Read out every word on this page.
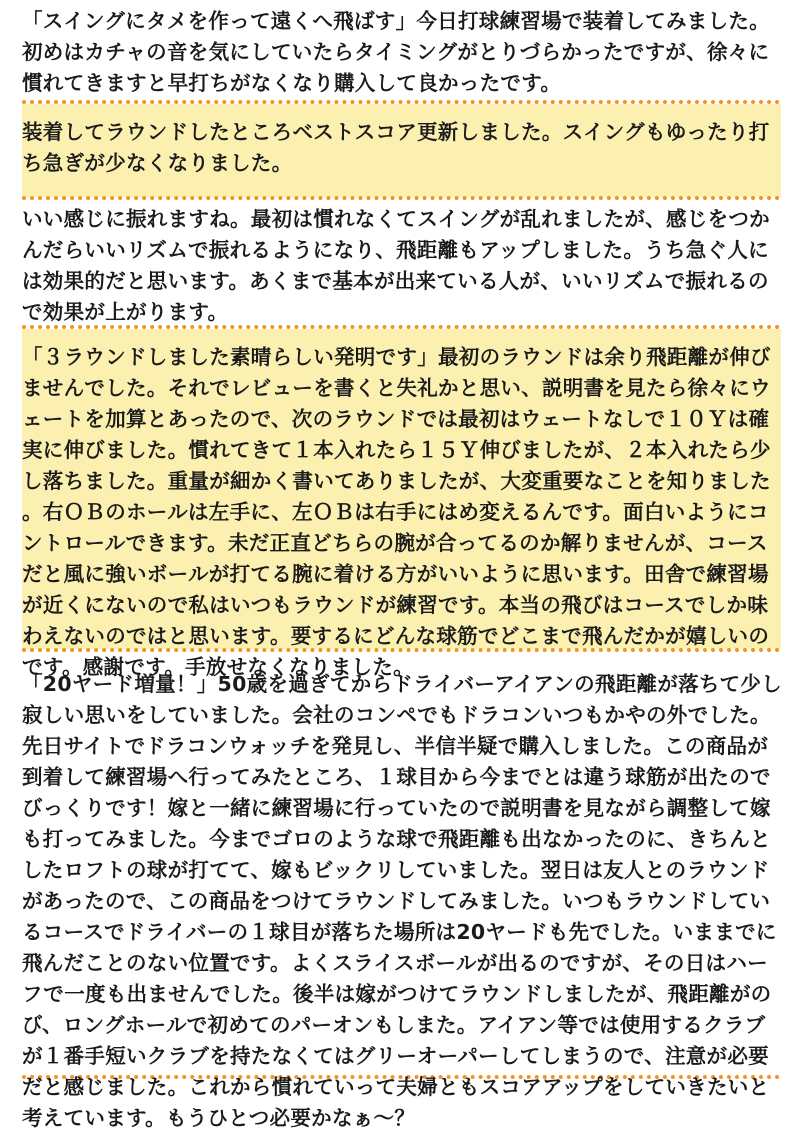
「スイングにタメを作って遠くへ飛ばす」今日打球練習場で装着してみました。初めはカチャの音を気にしていたらタイミングがとりづらかったですが、徐々に慣れてきますと早打ちがなくなり購入して良かったです。

装着してラウンドしたところベストスコア更新しました。スイングもゆったり打ち急ぎが少なくなりました。

いい感じに振れますね。最初は慣れなくてスイングが乱れましたが、感じをつかんだらいいリズムで振れるようになり、飛距離もアップしました。うち急ぐ人には効果的だと思います。あくまで基本が出来ている人が、いいリズムで振れるので効果が上がります。

「３ラウンドしました素晴らしい発明です」最初のラウンドは余り飛距離が伸びませんでした。それでレビューを書くと失礼かと思い、説明書を見たら徐々にウェートを加算とあったので、次のラウンドでは最初はウェートなしで１０Ｙは確実に伸びました。慣れてきて１本入れたら１５Ｙ伸びましたが、２本入れたら少し落ちました。重量が細かく書いてありましたが、大変重要なことを知りました。右ＯＢのホールは左手に、左ＯＢは右手にはめ変えるんです。面白いようにコントロールできます。未だ正直どちらの腕が合ってるのか解りませんが、コースだと風に強いボールが打てる腕に着ける方がいいように思います。田舎で練習場が近くにないので私はいつもラウンドが練習です。本当の飛びはコースでしか味わえないのではと思います。要するにどんな球筋でどこまで飛んだかが嬉しいのです。感謝です。手放せなくなりました。

「20ヤード増量！」50歳を過ぎてからドライバーアイアンの飛距離が落ちて少し寂しい思いをしていました。会社のコンペでもドラコンいつもかやの外でした。先日サイトでドラコンウォッチを発見し、半信半疑で購入しました。この商品が到着して練習場へ行ってみたところ、１球目から今までとは違う球筋が出たのでびっくりです！嫁と一緒に練習場に行っていたので説明書を見ながら調整して嫁も打ってみました。今までゴロのような球で飛距離も出なかったのに、きちんとしたロフトの球が打てて、嫁もビックリしていました。翌日は友人とのラウンドがあったので、この商品をつけてラウンドしてみました。いつもラウンドしているコースでドライバーの１球目が落ちた場所は20ヤードも先でした。いままでに飛んだことのない位置です。よくスライスボールが出るのですが、その日はハーフで一度も出ませんでした。後半は嫁がつけてラウンドしましたが、飛距離がのび、ロングホールで初めてのパーオンもしまた。アイアン等では使用するクラブが１番手短いクラブを持たなくてはグリーオーパーしてしまうので、注意が必要だと感じました。これから慣れていって夫婦ともスコアアップをしていきたいと考えています。もうひとつ必要かなぁ～？
